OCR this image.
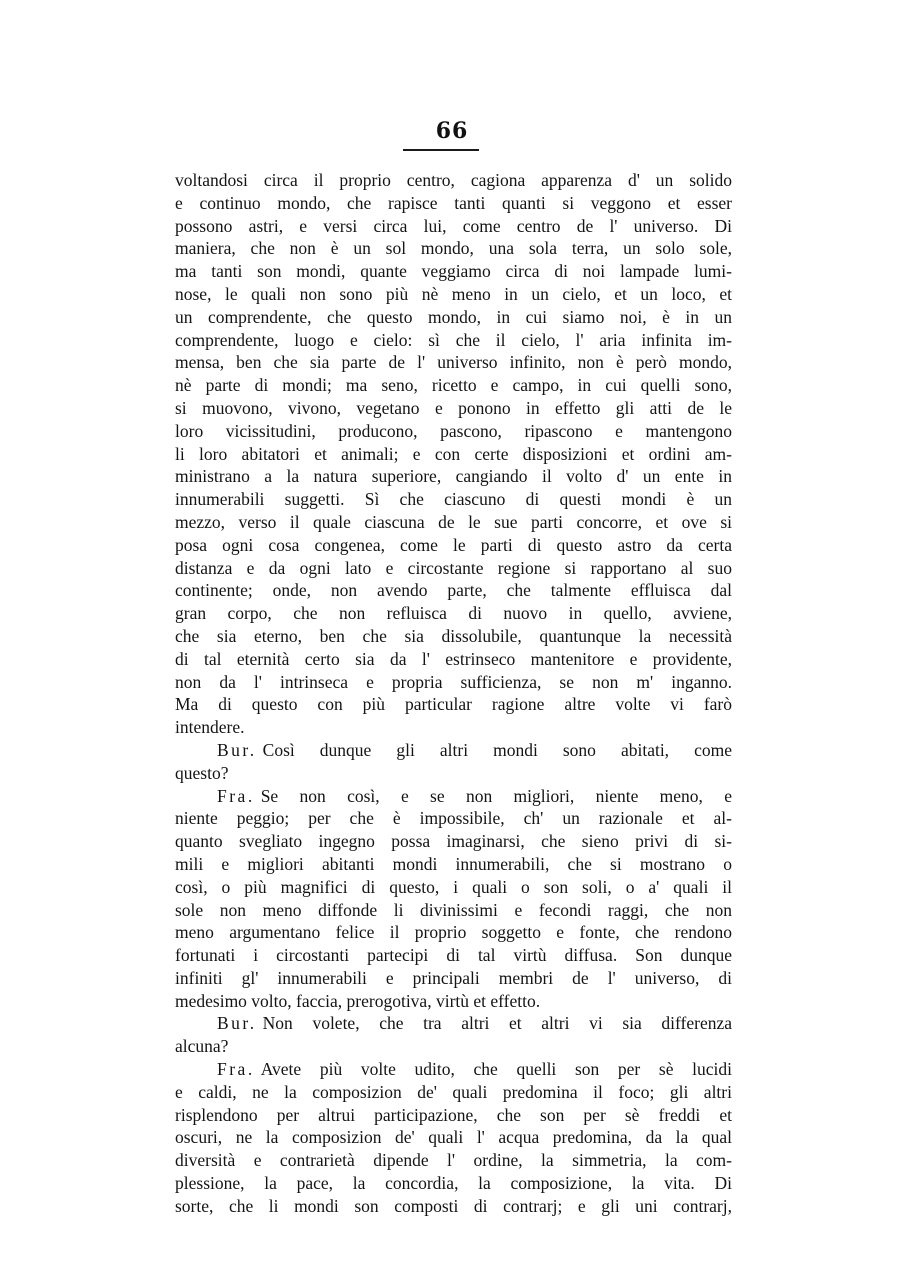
66
voltandosi circa il proprio centro, cagiona apparenza d' un solido
e continuo mondo, che rapisce tanti quanti si veggono et esser
possono astri, e versi circa lui, come centro de l' universo. Di
maniera, che non è un sol mondo, una sola terra, un solo sole,
ma tanti son mondi, quante veggiamo circa di noi lampade lumi-
nose, le quali non sono più nè meno in un cielo, et un loco, et
un comprendente, che questo mondo, in cui siamo noi, è in un
comprendente, luogo e cielo: sì che il cielo, l' aria infinita im-
mensa, ben che sia parte de l' universo infinito, non è però mondo,
nè parte di mondi; ma seno, ricetto e campo, in cui quelli sono,
si muovono, vivono, vegetano e ponono in effetto gli atti de le
loro vicissitudini, producono, pascono, ripascono e mantengono
li loro abitatori et animali; e con certe disposizioni et ordini am-
ministrano a la natura superiore, cangiando il volto d' un ente in
innumerabili suggetti. Sì che ciascuno di questi mondi è un
mezzo, verso il quale ciascuna de le sue parti concorre, et ove si
posa ogni cosa congenea, come le parti di questo astro da certa
distanza e da ogni lato e circostante regione si rapportano al suo
continente; onde, non avendo parte, che talmente effluisca dal
gran corpo, che non refluisca di nuovo in quello, avviene,
che sia eterno, ben che sia dissolubile, quantunque la necessità
di tal eternità certo sia da l' estrinseco mantenitore e providente,
non da l' intrinseca e propria sufficienza, se non m' inganno.
Ma di questo con più particular ragione altre volte vi farò
intendere.
Bur. Così dunque gli altri mondi sono abitati, come
questo?
Fra. Se non così, e se non migliori, niente meno, e
niente peggio; per che è impossibile, ch' un razionale et al-
quanto svegliato ingegno possa imaginarsi, che sieno privi di si-
mili e migliori abitanti mondi innumerabili, che si mostrano o
così, o più magnifici di questo, i quali o son soli, o a' quali il
sole non meno diffonde li divinissimi e fecondi raggi, che non
meno argumentano felice il proprio soggetto e fonte, che rendono
fortunati i circostanti partecipi di tal virtù diffusa. Son dunque
infiniti gl' innumerabili e principali membri de l' universo, di
medesimo volto, faccia, prerogotiva, virtù et effetto.
Bur. Non volete, che tra altri et altri vi sia differenza
alcuna?
Fra. Avete più volte udito, che quelli son per sè lucidi
e caldi, ne la composizion de' quali predomina il foco; gli altri
risplendono per altrui participazione, che son per sè freddi et
oscuri, ne la composizion de' quali l' acqua predomina, da la qual
diversità e contrarietà dipende l' ordine, la simmetria, la com-
plessione, la pace, la concordia, la composizione, la vita. Di
sorte, che li mondi son composti di contrarj; e gli uni contrarj,
